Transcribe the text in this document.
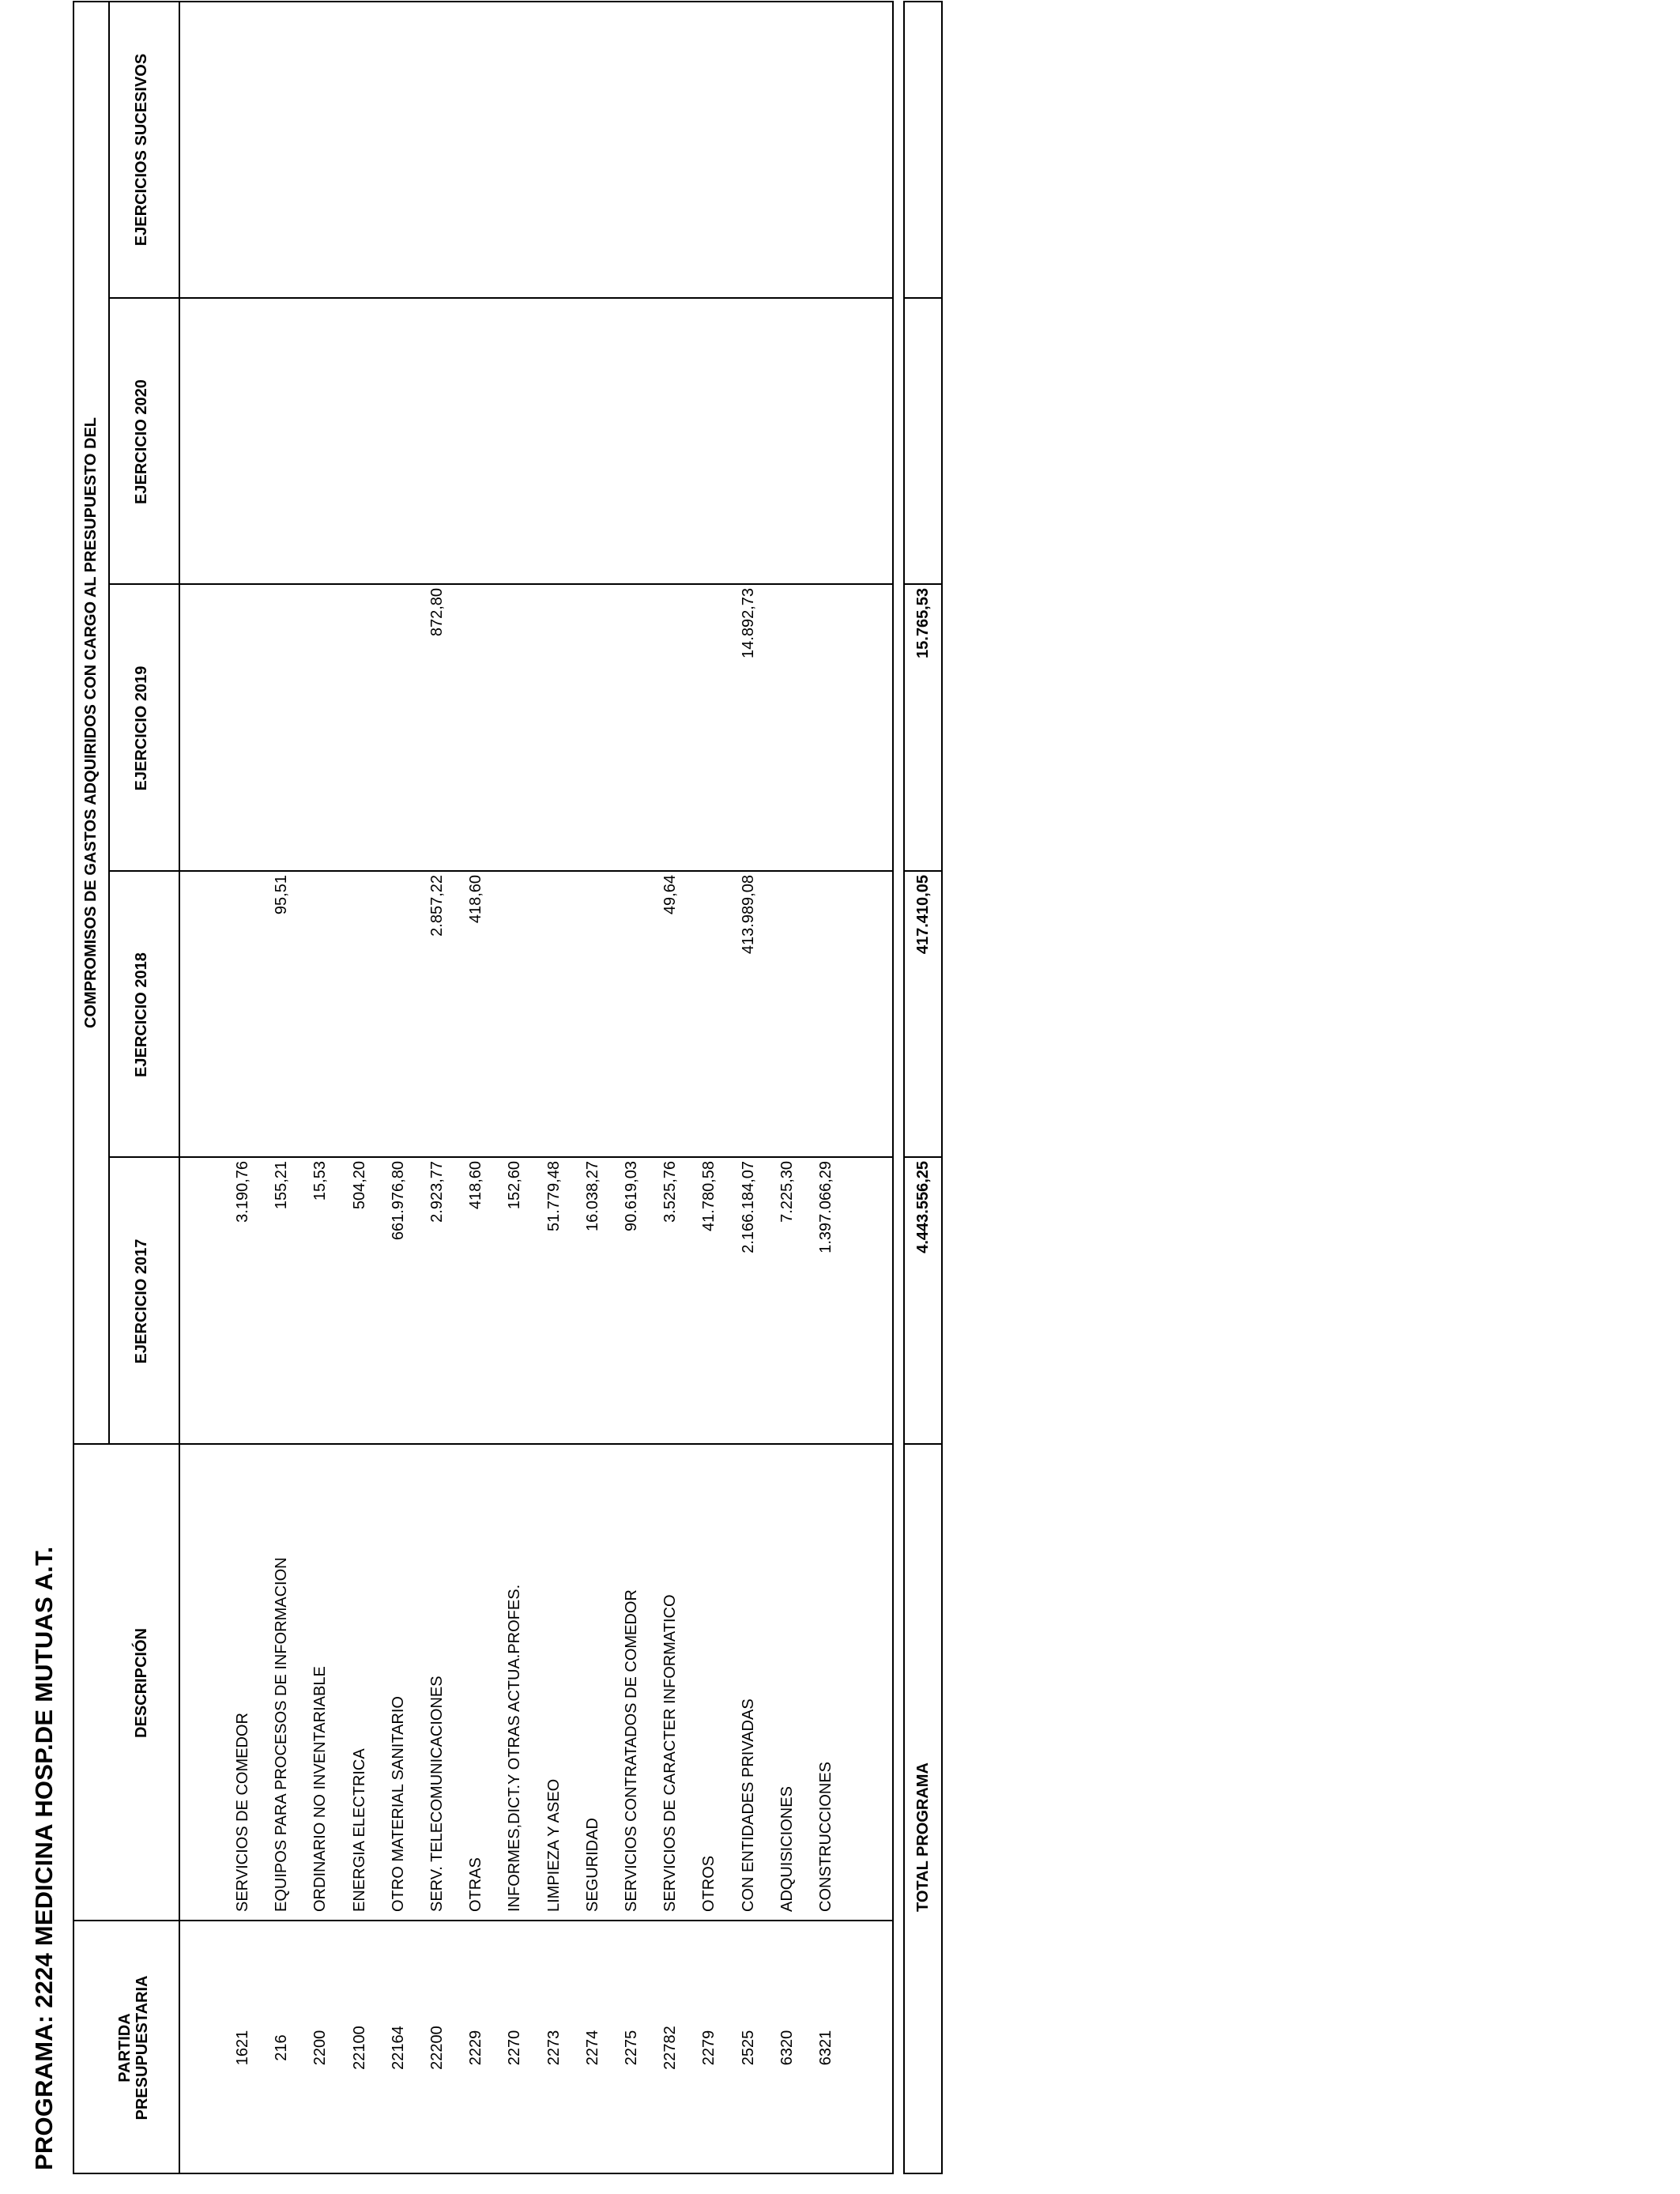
PROGRAMA: 2224 MEDICINA HOSP.DE MUTUAS A.T.	PARTIDA PRESUPUESTARIA
DESCRIPCIÓN
COMPROMISOS DE GASTOS ADQUIRIDOS CON CARGO AL PRESUPUESTO DEL
EJERCICIO 2017
EJERCICIO 2018
EJERCICIO 2019
EJERCICIO 2020
EJERCICIOS SUCESIVOS
1621
SERVICIOS DE COMEDOR
3.190,76
216
EQUIPOS PARA PROCESOS DE INFORMACION
155,21
95,51
2200
ORDINARIO NO INVENTARIABLE
15,53
22100
ENERGIA ELECTRICA
504,20
22164
OTRO MATERIAL SANITARIO
661.976,80
22200
SERV. TELECOMUNICACIONES
2.923,77
2.857,22
872,80
2229
OTRAS
418,60
418,60
2270
INFORMES,DICT.Y OTRAS ACTUA.PROFES.
152,60
2273
LIMPIEZA Y ASEO
51.779,48
2274
SEGURIDAD
16.038,27
2275
SERVICIOS CONTRATADOS DE COMEDOR
90.619,03
22782
SERVICIOS DE CARACTER INFORMATICO
3.525,76
49,64
2279
OTROS
41.780,58
2525
CON ENTIDADES PRIVADAS
2.166.184,07
413.989,08
14.892,73
6320
ADQUISICIONES
7.225,30
6321
CONSTRUCCIONES
1.397.066,29
TOTAL PROGRAMA
4.443.556,25
417.410,05
15.765,53
